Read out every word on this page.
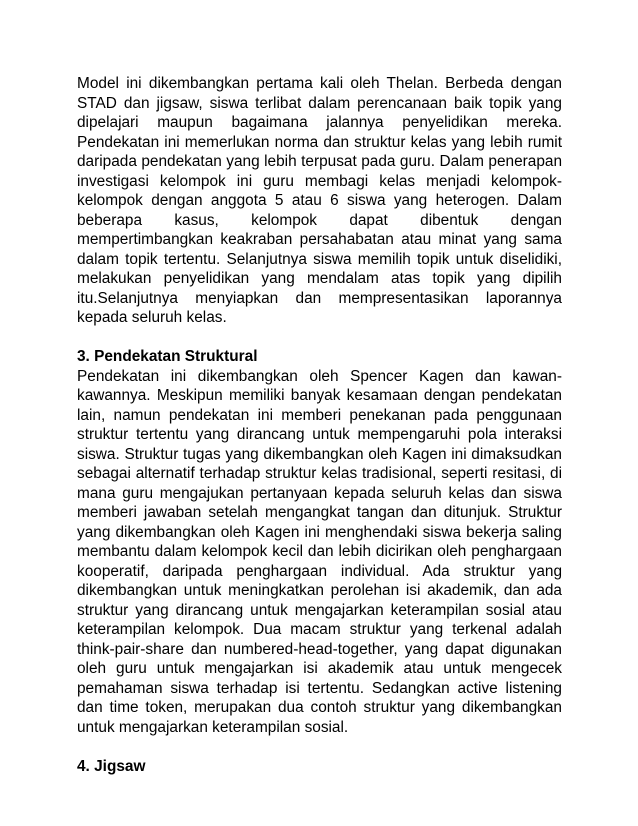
Model ini dikembangkan pertama kali oleh Thelan. Berbeda dengan STAD dan jigsaw, siswa terlibat dalam perencanaan baik topik yang dipelajari maupun bagaimana jalannya penyelidikan mereka. Pendekatan ini memerlukan norma dan struktur kelas yang lebih rumit daripada pendekatan yang lebih terpusat pada guru. Dalam penerapan investigasi kelompok ini guru membagi kelas menjadi kelompok-kelompok dengan anggota 5 atau 6 siswa yang heterogen. Dalam beberapa kasus, kelompok dapat dibentuk dengan mempertimbangkan keakraban persahabatan atau minat yang sama dalam topik tertentu. Selanjutnya siswa memilih topik untuk diselidiki, melakukan penyelidikan yang mendalam atas topik yang dipilih itu.Selanjutnya menyiapkan dan mempresentasikan laporannya kepada seluruh kelas.

3. Pendekatan Struktural

Pendekatan ini dikembangkan oleh Spencer Kagen dan kawan-kawannya. Meskipun memiliki banyak kesamaan dengan pendekatan lain, namun pendekatan ini memberi penekanan pada penggunaan struktur tertentu yang dirancang untuk mempengaruhi pola interaksi siswa. Struktur tugas yang dikembangkan oleh Kagen ini dimaksudkan sebagai alternatif terhadap struktur kelas tradisional, seperti resitasi, di mana guru mengajukan pertanyaan kepada seluruh kelas dan siswa memberi jawaban setelah mengangkat tangan dan ditunjuk. Struktur yang dikembangkan oleh Kagen ini menghendaki siswa bekerja saling membantu dalam kelompok kecil dan lebih dicirikan oleh penghargaan kooperatif, daripada penghargaan individual. Ada struktur yang dikembangkan untuk meningkatkan perolehan isi akademik, dan ada struktur yang dirancang untuk mengajarkan keterampilan sosial atau keterampilan kelompok. Dua macam struktur yang terkenal adalah think-pair-share dan numbered-head-together, yang dapat digunakan oleh guru untuk mengajarkan isi akademik atau untuk mengecek pemahaman siswa terhadap isi tertentu. Sedangkan active listening dan time token, merupakan dua contoh struktur yang dikembangkan untuk mengajarkan keterampilan sosial.

4. Jigsaw
